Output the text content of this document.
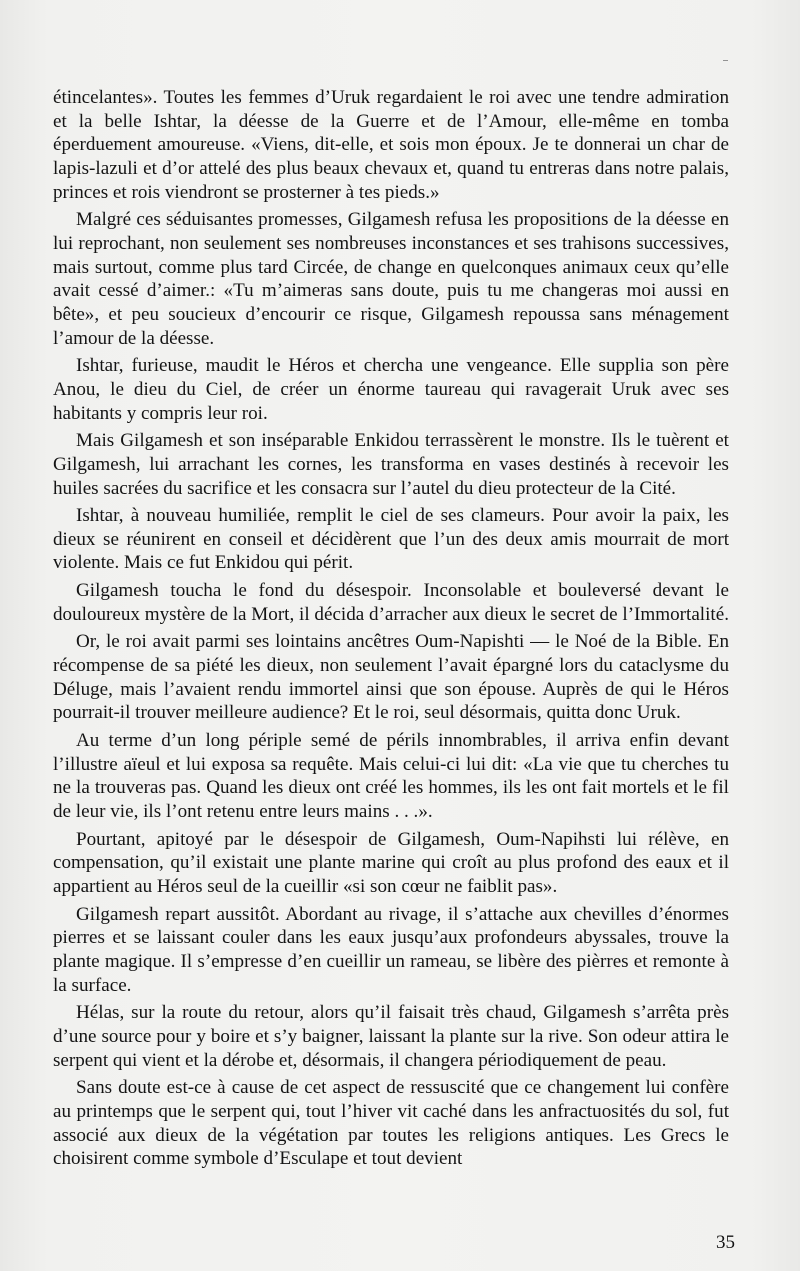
étincelantes». Toutes les femmes d’Uruk regardaient le roi avec une tendre admiration et la belle Ishtar, la déesse de la Guerre et de l’Amour, elle-même en tomba éperduement amoureuse. «Viens, dit-elle, et sois mon époux. Je te donnerai un char de lapis-lazuli et d’or attelé des plus beaux chevaux et, quand tu entreras dans notre palais, princes et rois viendront se prosterner à tes pieds.»

Malgré ces séduisantes promesses, Gilgamesh refusa les propositions de la déesse en lui reprochant, non seulement ses nombreuses inconstances et ses trahisons successives, mais surtout, comme plus tard Circée, de change en quelconques animaux ceux qu’elle avait cessé d’aimer.: «Tu m’aimeras sans doute, puis tu me changeras moi aussi en bête», et peu soucieux d’encourir ce risque, Gilgamesh repoussa sans ménagement l’amour de la déesse.

Ishtar, furieuse, maudit le Héros et chercha une vengeance. Elle supplia son père Anou, le dieu du Ciel, de créer un énorme taureau qui ravagerait Uruk avec ses habitants y compris leur roi.

Mais Gilgamesh et son inséparable Enkidou terrassèrent le monstre. Ils le tuèrent et Gilgamesh, lui arrachant les cornes, les transforma en vases destinés à recevoir les huiles sacrées du sacrifice et les consacra sur l’autel du dieu protecteur de la Cité.

Ishtar, à nouveau humiliée, remplit le ciel de ses clameurs. Pour avoir la paix, les dieux se réunirent en conseil et décidèrent que l’un des deux amis mourrait de mort violente. Mais ce fut Enkidou qui périt.

Gilgamesh toucha le fond du désespoir. Inconsolable et bouleversé devant le douloureux mystère de la Mort, il décida d’arracher aux dieux le secret de l’Immortalité.

Or, le roi avait parmi ses lointains ancêtres Oum-Napishti — le Noé de la Bible. En récompense de sa piété les dieux, non seulement l’avait épargné lors du cataclysme du Déluge, mais l’avaient rendu immortel ainsi que son épouse. Auprès de qui le Héros pourrait-il trouver meilleure audience? Et le roi, seul désormais, quitta donc Uruk.

Au terme d’un long périple semé de périls innombrables, il arriva enfin devant l’illustre aïeul et lui exposa sa requête. Mais celui-ci lui dit: «La vie que tu cherches tu ne la trouveras pas. Quand les dieux ont créé les hommes, ils les ont fait mortels et le fil de leur vie, ils l’ont retenu entre leurs mains . . .».

Pourtant, apitoyé par le désespoir de Gilgamesh, Oum-Napihsti lui rélève, en compensation, qu’il existait une plante marine qui croît au plus profond des eaux et il appartient au Héros seul de la cueillir «si son cœur ne faiblit pas».

Gilgamesh repart aussitôt. Abordant au rivage, il s’attache aux chevilles d’énormes pierres et se laissant couler dans les eaux jusqu’aux profondeurs abyssales, trouve la plante magique. Il s’empresse d’en cueillir un rameau, se libère des pièrres et remonte à la surface.

Hélas, sur la route du retour, alors qu’il faisait très chaud, Gilgamesh s’arrêta près d’une source pour y boire et s’y baigner, laissant la plante sur la rive. Son odeur attira le serpent qui vient et la dérobe et, désormais, il changera périodiquement de peau.

Sans doute est-ce à cause de cet aspect de ressuscité que ce changement lui confère au printemps que le serpent qui, tout l’hiver vit caché dans les anfractuosités du sol, fut associé aux dieux de la végétation par toutes les religions antiques. Les Grecs le choisirent comme symbole d’Esculape et tout devient

35
